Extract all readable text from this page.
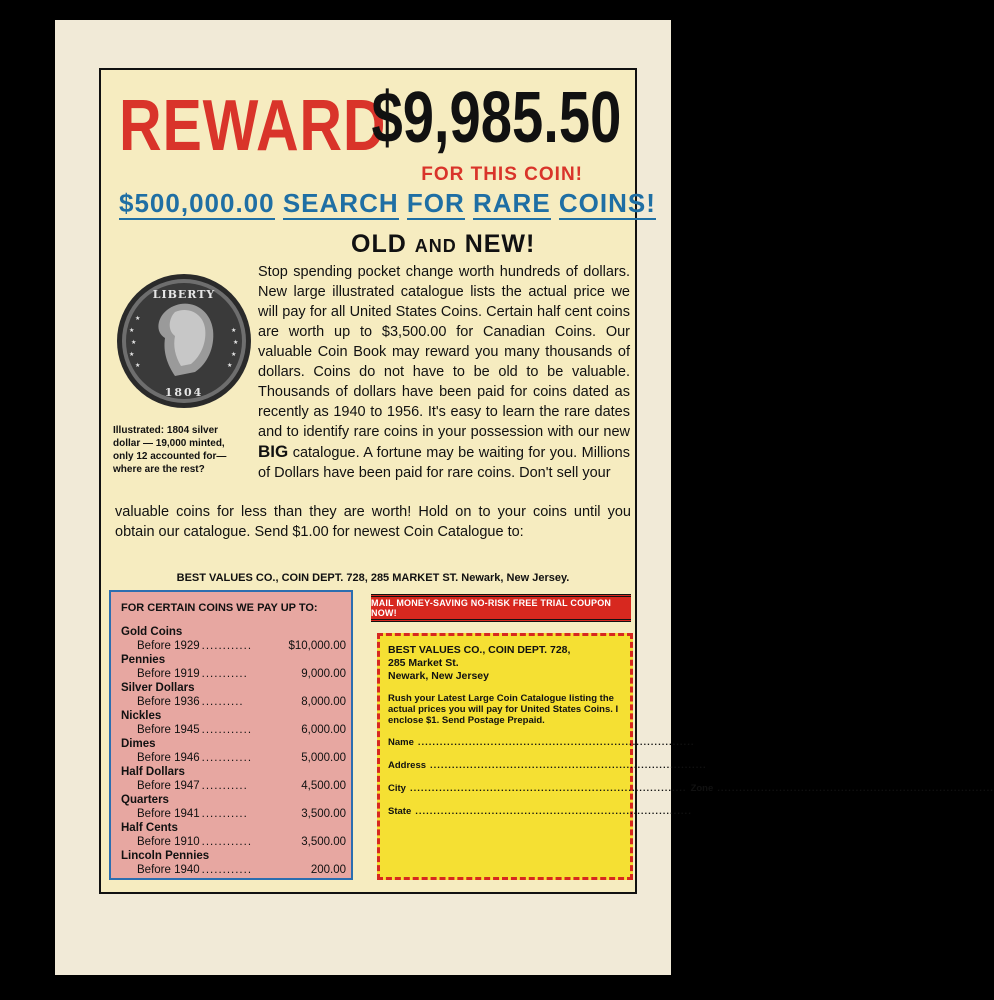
REWARD
$9,985.50
FOR THIS COIN!
$500,000.00 SEARCH FOR RARE COINS!
OLD AND NEW!
★
★
★
★
★
★
★
★
★
LIBERTY
1804
Illustrated: 1804 silver dollar — 19,000 minted, only 12 accounted for—where are the rest?
Stop spending pocket change worth hundreds of dollars. New large illustrated catalogue lists the actual price we will pay for all United States Coins. Certain half cent coins are worth up to $3,500.00 for Canadian Coins. Our valuable Coin Book may reward you many thousands of dollars. Coins do not have to be old to be valuable. Thousands of dollars have been paid for coins dated as recently as 1940 to 1956. It's easy to learn the rare dates and to identify rare coins in your possession with our new BIG catalogue. A fortune may be waiting for you. Millions of Dollars have been paid for rare coins. Don't sell your
valuable coins for less than they are worth! Hold on to your coins until you obtain our catalogue. Send $1.00 for newest Coin Catalogue to:
BEST VALUES CO., COIN DEPT. 728, 285 MARKET ST. Newark, New Jersey.
FOR CERTAIN COINS WE PAY UP TO:
Gold Coins
Before 1929 ............	$10,000.00
Pennies
Before 1919 ...........	9,000.00
Silver Dollars
Before 1936 ..........	8,000.00
Nickles
Before 1945 ............	6,000.00
Dimes
Before 1946 ............	5,000.00
Half Dollars
Before 1947 ...........	4,500.00
Quarters
Before 1941 ...........	3,500.00
Half Cents
Before 1910 ............	3,500.00
Lincoln Pennies
Before 1940 ............	200.00
MAIL MONEY-SAVING NO-RISK FREE TRIAL COUPON NOW!
BEST VALUES CO., COIN DEPT. 728,
285 Market St.
Newark, New Jersey
Rush your Latest Large Coin Catalogue listing the actual prices you will pay for United States Coins. I enclose $1. Send Postage Prepaid.
Name ............................................................................
Address ............................................................................
City ............................................................................ Zone ............................................................................
State ............................................................................
